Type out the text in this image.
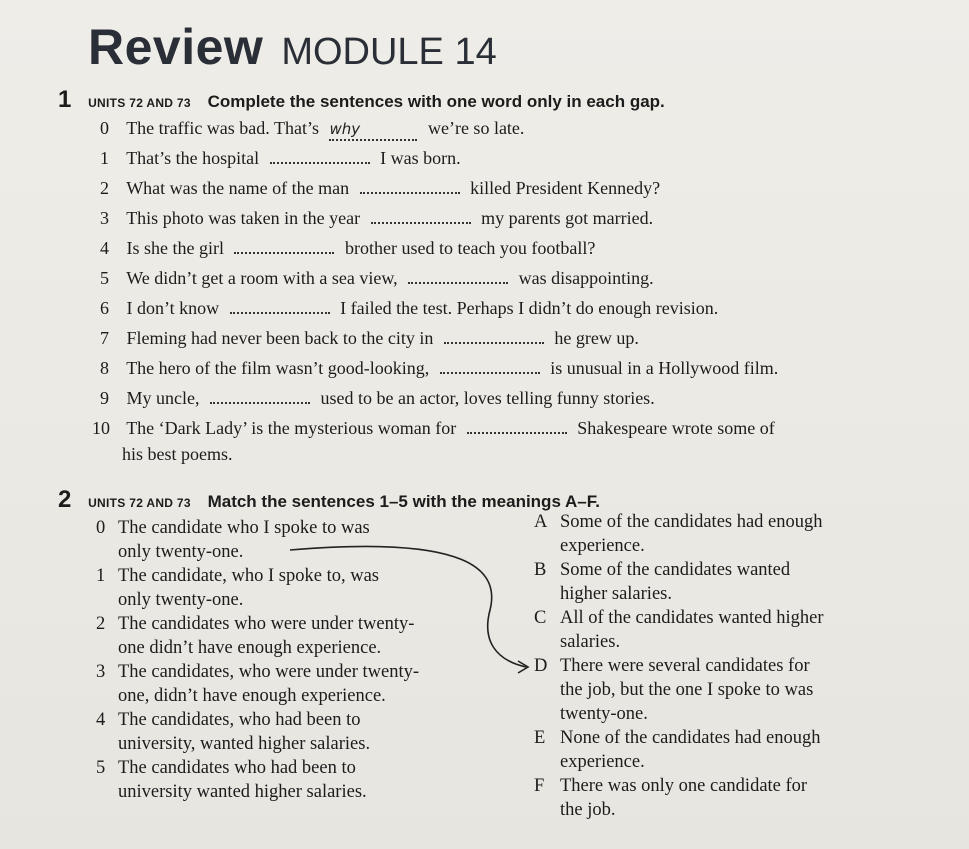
Review MODULE 14
1 UNITS 72 AND 73 Complete the sentences with one word only in each gap.
0 The traffic was bad. That’s why	we’re so late.
1 That’s the hospital	I was born.
2 What was the name of the man	killed President Kennedy?
3 This photo was taken in the year	my parents got married.
4 Is she the girl	brother used to teach you football?
5 We didn’t get a room with a sea view,	was disappointing.
6 I don’t know	I failed the test. Perhaps I didn’t do enough revision.
7 Fleming had never been back to the city in	he grew up.
8 The hero of the film wasn’t good-looking,	is unusual in a Hollywood film.
9 My uncle,	used to be an actor, loves telling funny stories.
10 The ‘Dark Lady’ is the mysterious woman for	Shakespeare wrote some of
his best poems.
2 UNITS 72 AND 73 Match the sentences 1–5 with the meanings A–F.
0 The candidate who I spoke to was
only twenty-one.
1 The candidate, who I spoke to, was
only twenty-one.
2 The candidates who were under twenty-
one didn’t have enough experience.
3 The candidates, who were under twenty-
one, didn’t have enough experience.
4 The candidates, who had been to
university, wanted higher salaries.
5 The candidates who had been to
university wanted higher salaries.
A Some of the candidates had enough
experience.
B Some of the candidates wanted
higher salaries.
C All of the candidates wanted higher
salaries.
D There were several candidates for
the job, but the one I spoke to was
twenty-one.
E None of the candidates had enough
experience.
F There was only one candidate for
the job.
